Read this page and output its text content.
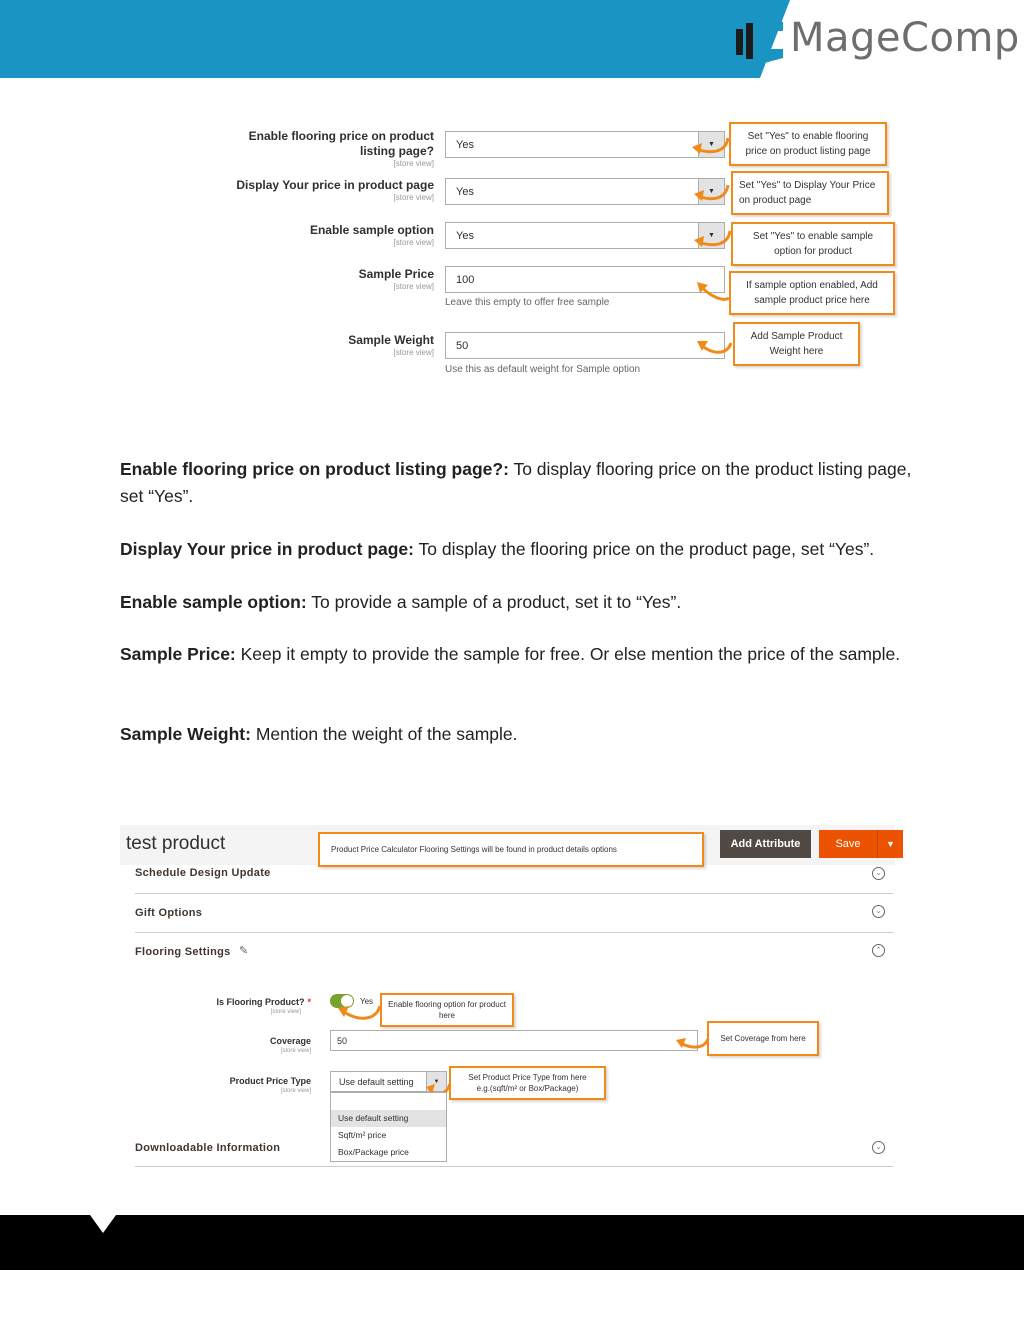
MageComp
Enable flooring price on product listing page?
[store view]
Yes	▼
Display Your price in product page
[store view]	Yes	▼
Enable sample option
[store view]
Yes	▼
Sample Price
[store view]
100
Leave this empty to offer free sample
Sample Weight
[store view]
50
Use this as default weight for Sample option
Set "Yes" to enable flooring price on product listing page
Set "Yes" to Display Your Price on product page
Set "Yes" to enable sample option for product
If sample option enabled, Add sample product price here
Add Sample Product Weight here

Enable flooring price on product listing page?: To display flooring price on the product listing page, set “Yes”.

Display Your price in product page: To display the flooring price on the product page, set “Yes”.

Enable sample option: To provide a sample of a product, set it to “Yes”.

Sample Price: Keep it empty to provide the sample for free. Or else mention the price of the sample.

Sample Weight: Mention the weight of the sample.

test product	Product Price Calculator Flooring Settings will be found in product details options	Add Attribute	Save	▼
Schedule Design Update	⌄
Gift Options	⌄
Flooring Settings ✎	⌃
Is Flooring Product? *
[store view]
Yes	Enable flooring option for product here
Coverage
[store view]
50	Set Coverage from here
Product Price Type
[store view]
Use default setting	▼	Set Product Price Type from here
e.g.(sqft/m² or Box/Package)
Downloadable Information	⌄
Use default setting
Sqft/m² price
Box/Package price
